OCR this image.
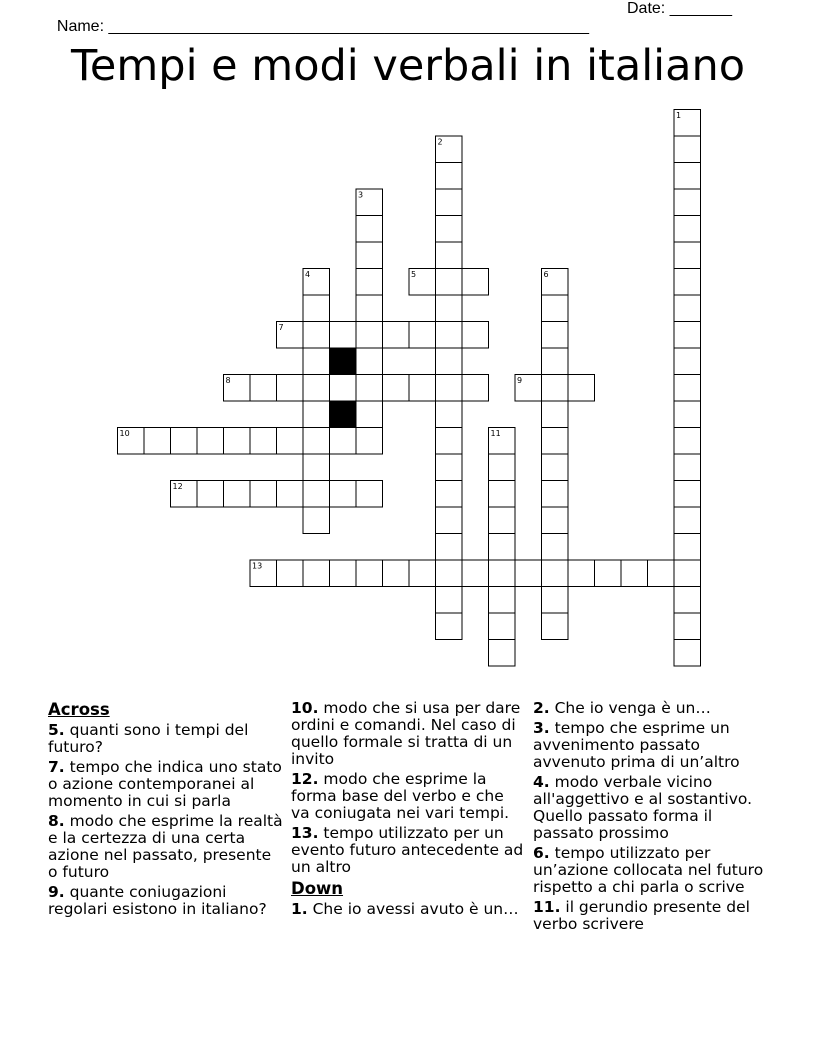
Name: ______________________________________________________

Date: _______

Tempi e modi verbali in italiano
1
2
3
4	5	6
7
8	9
10	11
12
13
Across
5. quanti sono i tempi del futuro?
7. tempo che indica uno stato o azione contemporanei al momento in cui si parla
8. modo che esprime la realtà e la certezza di una certa azione nel passato, presente o futuro
9. quante coniugazioni regolari esistono in italiano?
10. modo che si usa per dare ordini e comandi. Nel caso di quello formale si tratta di un invito
12. modo che esprime la forma base del verbo e che va coniugata nei vari tempi.
13. tempo utilizzato per un evento futuro antecedente ad un altro
Down
1. Che io avessi avuto è un…
2. Che io venga è un…
3. tempo che esprime un avvenimento passato avvenuto prima di un’altro
4. modo verbale vicino all'aggettivo e al sostantivo. Quello passato forma il passato prossimo
6. tempo utilizzato per un’azione collocata nel futuro rispetto a chi parla o scrive
11. il gerundio presente del verbo scrivere
